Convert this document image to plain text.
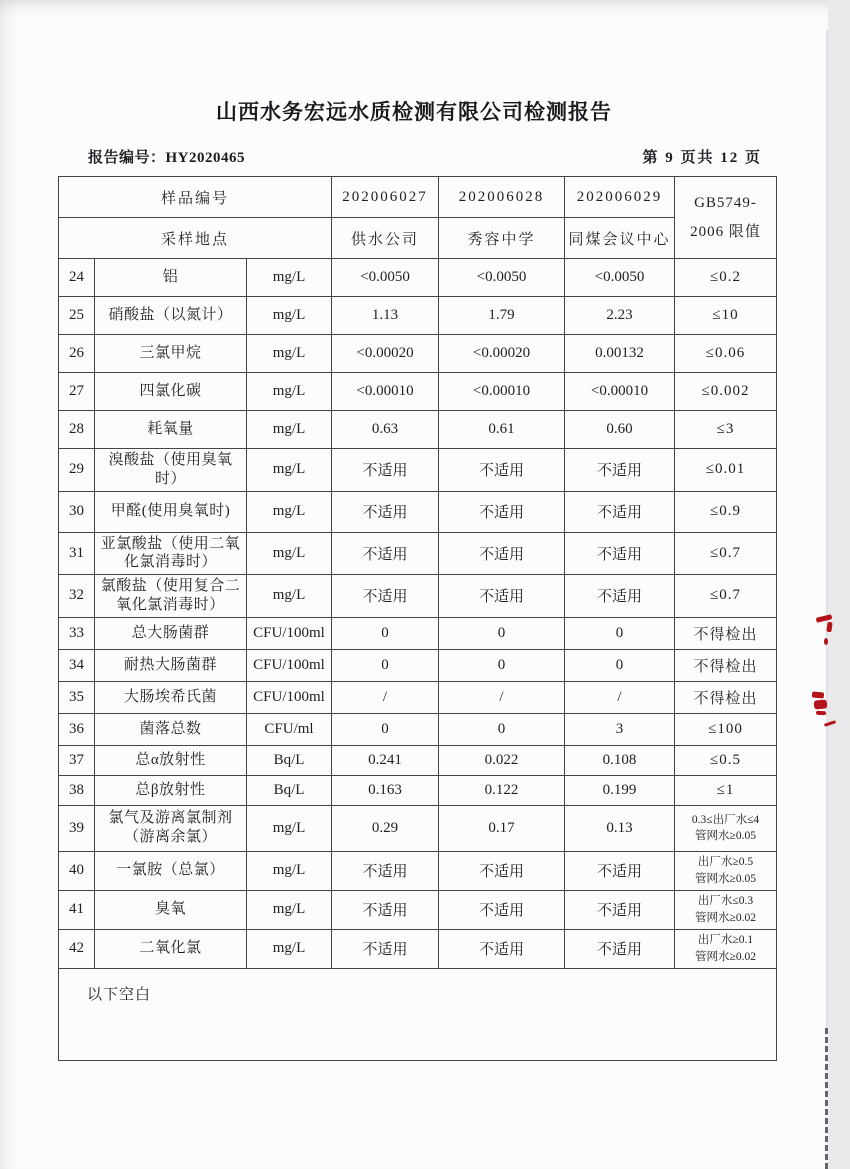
山西水务宏远水质检测有限公司检测报告
报告编号：HY2020465	第 9 页共 12 页
样品编号			202006027	202006028	202006029	GB5749-
2006 限值

采样地点			供水公司	秀容中学	同煤会议中心	
24	铝	mg/L	<0.0050	<0.0050	<0.0050	≤0.2
25	硝酸盐（以氮计）	mg/L	1.13	1.79	2.23	≤10
26	三氯甲烷	mg/L	<0.00020	<0.00020	0.00132	≤0.06
27	四氯化碳	mg/L	<0.00010	<0.00010	<0.00010	≤0.002
28	耗氧量	mg/L	0.63	0.61	0.60	≤3
29	溴酸盐（使用臭氧时）	mg/L	不适用	不适用	不适用	≤0.01
30	甲醛(使用臭氧时)	mg/L	不适用	不适用	不适用	≤0.9
31	亚氯酸盐（使用二氧化氯消毒时）	mg/L	不适用	不适用	不适用	≤0.7
32	氯酸盐（使用复合二氧化氯消毒时）	mg/L	不适用	不适用	不适用	≤0.7
33	总大肠菌群	CFU/100ml	0	0	0	不得检出
34	耐热大肠菌群	CFU/100ml	0	0	0	不得检出
35	大肠埃希氏菌	CFU/100ml	/	/	/	不得检出
36	菌落总数	CFU/ml	0	0	3	≤100
37	总α放射性	Bq/L	0.241	0.022	0.108	≤0.5
38	总β放射性	Bq/L	0.163	0.122	0.199	≤1
39	氯气及游离氯制剂（游离余氯）	mg/L	0.29	0.17	0.13	0.3≤出厂水≤4
管网水≥0.05

40	一氯胺（总氯）	mg/L	不适用	不适用	不适用	出厂水≥0.5
管网水≥0.05

41	臭氧	mg/L	不适用	不适用	不适用	出厂水≤0.3
管网水≥0.02

42	二氧化氯	mg/L	不适用	不适用	不适用	出厂水≥0.1
管网水≥0.02

以下空白						
